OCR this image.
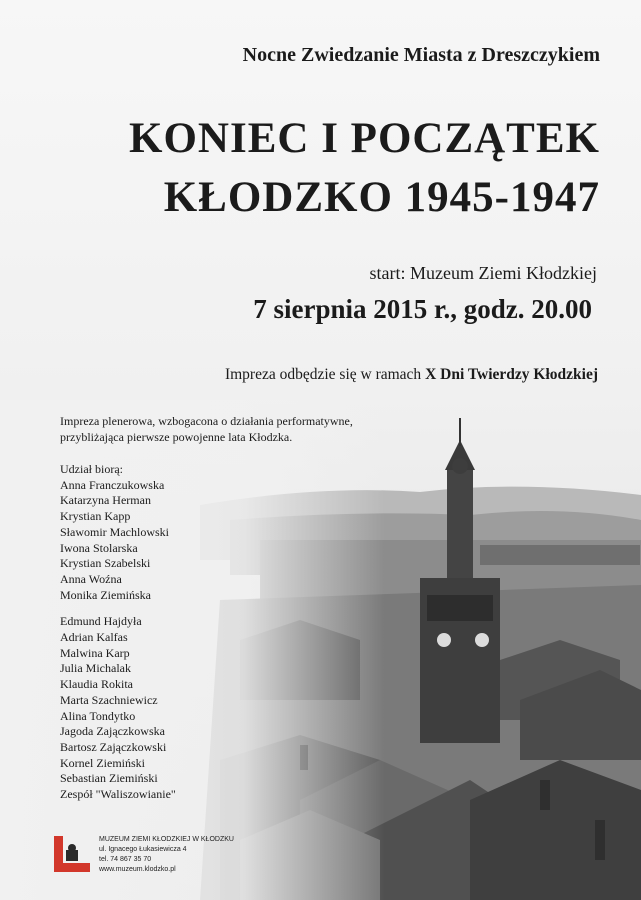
Nocne Zwiedzanie Miasta z Dreszczykiem
KONIEC I POCZĄTEK
KŁODZKO 1945-1947
start: Muzeum Ziemi Kłodzkiej
7 sierpnia 2015 r., godz. 20.00
Impreza odbędzie się w ramach X Dni Twierdzy Kłodzkiej
Impreza plenerowa, wzbogacona o działania performatywne,
przybliżająca pierwsze powojenne lata Kłodzka.
Udział biorą:
Anna Franczukowska
Katarzyna Herman
Krystian Kapp
Sławomir Machlowski
Iwona Stolarska
Krystian Szabelski
Anna Woźna
Monika Ziemińska
Edmund Hajdyła
Adrian Kalfas
Malwina Karp
Julia Michalak
Klaudia Rokita
Marta Szachniewicz
Alina Tondytko
Jagoda Zajączkowska
Bartosz Zajączkowski
Kornel Ziemiński
Sebastian Ziemiński
Zespół "Waliszowianie"
MUZEUM ZIEMI KŁODZKIEJ W KŁODZKU
ul. Ignacego Łukasiewicza 4
tel. 74 867 35 70
www.muzeum.klodzko.pl
